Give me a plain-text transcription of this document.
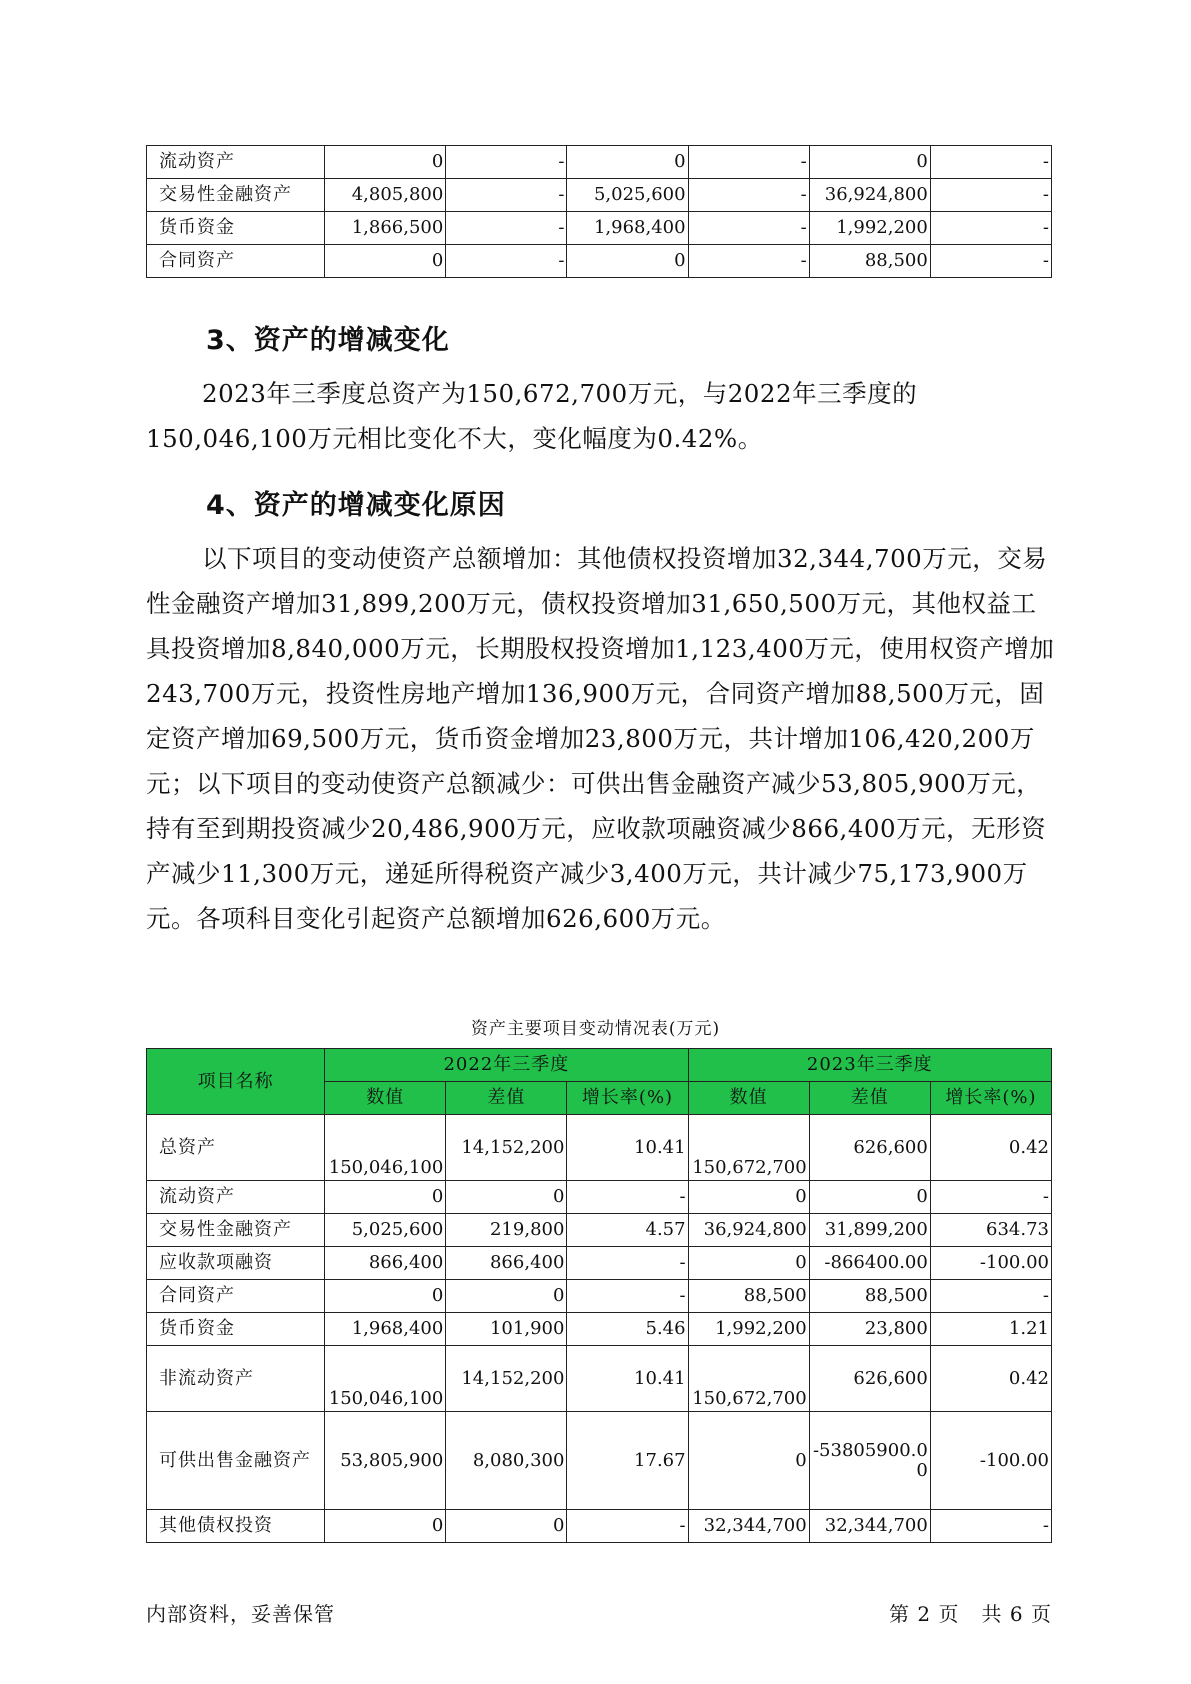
流动资产	0	-	0	-	0	-
交易性金融资产	4,805,800	-	5,025,600	-	36,924,800	-
货币资金	1,866,500	-	1,968,400	-	1,992,200	-
合同资产	0	-	0	-	88,500	-
3、资产的增减变化

2023年三季度总资产为150,672,700万元，与2022年三季度的150,046,100万元相比变化不大，变化幅度为0.42%。

4、资产的增减变化原因

以下项目的变动使资产总额增加：其他债权投资增加32,344,700万元，交易性金融资产增加31,899,200万元，债权投资增加31,650,500万元，其他权益工具投资增加8,840,000万元，长期股权投资增加1,123,400万元，使用权资产增加243,700万元，投资性房地产增加136,900万元，合同资产增加88,500万元，固定资产增加69,500万元，货币资金增加23,800万元，共计增加106,420,200万元；以下项目的变动使资产总额减少：可供出售金融资产减少53,805,900万元，持有至到期投资减少20,486,900万元，应收款项融资减少866,400万元，无形资产减少11,300万元，递延所得税资产减少3,400万元，共计减少75,173,900万元。各项科目变化引起资产总额增加626,600万元。

资产主要项目变动情况表(万元)
项目名称	2022年三季度			2023年三季度		
	数值	差值	增长率(%)	数值	差值	增长率(%)
总资产	150,046,100	14,152,200	10.41	150,672,700	626,600	0.42
流动资产	0	0	-	0	0	-
交易性金融资产	5,025,600	219,800	4.57	36,924,800	31,899,200	634.73
应收款项融资	866,400	866,400	-	0	-866400.00	-100.00
合同资产	0	0	-	88,500	88,500	-
货币资金	1,968,400	101,900	5.46	1,992,200	23,800	1.21
非流动资产	150,046,100	14,152,200	10.41	150,672,700	626,600	0.42
可供出售金融资产	53,805,900	8,080,300	17.67	0	-53805900.00	-100.00
其他债权投资	0	0	-	32,344,700	32,344,700	-
内部资料，妥善保管	第 2 页   共 6 页
